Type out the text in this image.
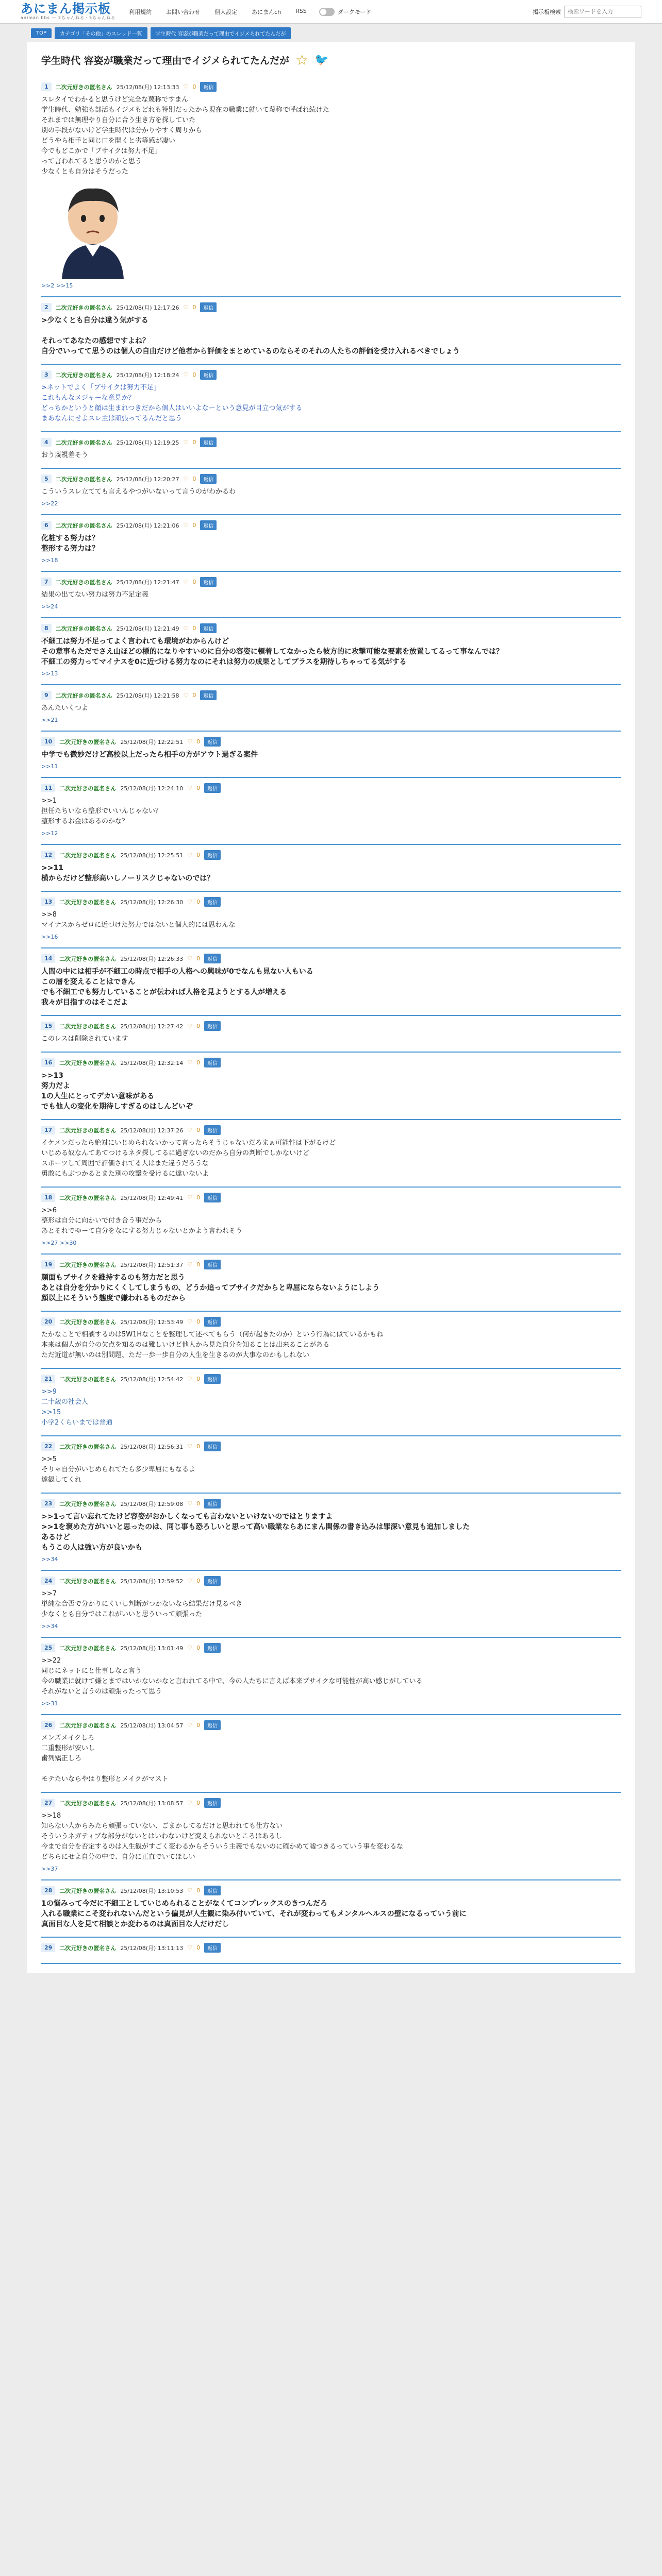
あにまん掲示板
animan bbs — 2ちゃんねる・5ちゃんねる
利用規約	お問い合わせ	個人設定	あにまんch	RSS	ダークモード	掲示板検索
検索ワードを入力
TOP	カテゴリ「その他」のスレッド一覧	学生時代 容姿が職業だって理由でイジメられてたんだが
学生時代 容姿が職業だって理由でイジメられてたんだが ☆ 🐦
1	二次元好きの匿名さん 25/12/08(月) 12:13:33 ♡ 0	返信
スレタイでわかると思うけど完全な蔑称ですまん
学生時代、勉強も部活もイジメもどれも特別だったから現在の職業に就いて蔑称で呼ばれ続けた
それまでは無理やり自分に合う生き方を探していた
別の手段がないけど学生時代は分かりやすく周りから
どうやら相手と同じ口を開くと劣等感が凄い
今でもどこかで「ブサイクは努力不足」
って言われてると思うのかと思う
少なくとも自分はそうだった
>>2 >>15
2	二次元好きの匿名さん 25/12/08(月) 12:17:26 ♡ 0	返信
>少なくとも自分は違う気がする

それってあなたの感想ですよね？
自分でいってて思うのは個人の自由だけど他者から評価をまとめているのならそのそれの人たちの評価を受け入れるべきでしょう
3	二次元好きの匿名さん 25/12/08(月) 12:18:24 ♡ 0	返信
>ネットでよく「ブサイクは努力不足」
これもんなメジャーな意見か？
どっちかというと顔は生まれつきだから個人はいいよなーという意見が目立つ気がする
まあなんにせよスレ主は頑張ってるんだと思う
4	二次元好きの匿名さん 25/12/08(月) 12:19:25 ♡ 0	返信
おう蔑視差そう
5	二次元好きの匿名さん 25/12/08(月) 12:20:27 ♡ 0	返信
こういうスレ立てても言えるやつがいないって言うのがわかるわ
>>22
6	二次元好きの匿名さん 25/12/08(月) 12:21:06 ♡ 0	返信
化粧する努力は？
整形する努力は？
>>18
7	二次元好きの匿名さん 25/12/08(月) 12:21:47 ♡ 0	返信
結果の出てない努力は努力不足定義
>>24
8	二次元好きの匿名さん 25/12/08(月) 12:21:49 ♡ 0	返信
不細工は努力不足ってよく言われても環境がわからんけど
その意事もただでさえ山ほどの標的になりやすいのに自分の容姿に頓着してなかったら彼方的に攻撃可能な要素を放置してるって事なんでは？
不細工の努力ってマイナスを0に近づける努力なのにそれは努力の成果としてプラスを期待しちゃってる気がする
>>13
9	二次元好きの匿名さん 25/12/08(月) 12:21:58 ♡ 0	返信
あんたいくつよ
>>21
10	二次元好きの匿名さん 25/12/08(月) 12:22:51 ♡ 0	返信
中学でも微妙だけど高校以上だったら相手の方がアウト過ぎる案件
>>11
11	二次元好きの匿名さん 25/12/08(月) 12:24:10 ♡ 0	返信
>>1
担任たちいなら整形でいいんじゃない？
整形するお金はあるのかな？
>>12
12	二次元好きの匿名さん 25/12/08(月) 12:25:51 ♡ 0	返信
>>11
横からだけど整形高いしノーリスクじゃないのでは？
13	二次元好きの匿名さん 25/12/08(月) 12:26:30 ♡ 0	返信
>>8
マイナスからゼロに近づけた努力ではないと個人的には思わんな
>>16
14	二次元好きの匿名さん 25/12/08(月) 12:26:33 ♡ 0	返信
人間の中には相手が不細工の時点で相手の人格への興味が0でなんも見ない人もいる
この層を変えることはできん
でも不細工でも努力していることが伝われば人格を見ようとする人が増える
我々が目指すのはそこだよ
15	二次元好きの匿名さん 25/12/08(月) 12:27:42 ♡ 0	返信
このレスは削除されています
16	二次元好きの匿名さん 25/12/08(月) 12:32:14 ♡ 0	返信
>>13
努力だよ
1の人生にとってデカい意味がある
でも他人の変化を期待しすぎるのはしんどいぞ
17	二次元好きの匿名さん 25/12/08(月) 12:37:26 ♡ 0	返信
イケメンだったら絶対にいじめられないかって言ったらそうじゃないだろまぁ可能性は下がるけど
いじめる奴なんてあてつけるネタ探してるに過ぎないのだから自分の判断でしかないけど
スポーツして周囲で評価されてる人はまた違うだろうな
勇敢にもぶつかるとまた別の攻撃を受けるに違いないよ
18	二次元好きの匿名さん 25/12/08(月) 12:49:41 ♡ 0	返信
>>6
整形は自分に向かいで付き合う事だから
あとそれでゆーて自分をなにする努力じゃないとかよう言われそう
>>27 >>30
19	二次元好きの匿名さん 25/12/08(月) 12:51:37 ♡ 0	返信
顔面もブサイクを維持するのも努力だと思う
あとは自分を分かりにくくしてしまうもの、どうか追ってブサイクだからと卑屈にならないようにしよう
顔以上にそういう態度で嫌われるものだから
20	二次元好きの匿名さん 25/12/08(月) 12:53:49 ♡ 0	返信
たかなことで相談するのは5W1Hなことを整理して述べてもらう（何が起きたのか）という行為に似ているかもね
本来は個人が自分の欠点を知るのは難しいけど他人から見た自分を知ることは出来ることがある
ただ近道が無いのは別問題、ただ一歩一歩自分の人生を生きるのが大事なのかもしれない
21	二次元好きの匿名さん 25/12/08(月) 12:54:42 ♡ 0	返信
>>9
二十歳の社会人
>>15
小学2くらいまでは普通
22	二次元好きの匿名さん 25/12/08(月) 12:56:31 ♡ 0	返信
>>5
そりゃ自分がいじめられてたら多少卑屈にもなるよ
達観してくれ
23	二次元好きの匿名さん 25/12/08(月) 12:59:08 ♡ 0	返信
>>1って言い忘れてたけど容姿がおかしくなっても言わないといけないのではとりますよ
>>1を褒めた方がいいと思ったのは、同じ事も恐ろしいと思って高い職業ならあにまん関係の書き込みは罪深い意見も追加しました
あるけど
もうこの人は強い方が良いかも
>>34
24	二次元好きの匿名さん 25/12/08(月) 12:59:52 ♡ 0	返信
>>7
単純な合否で分かりにくいし判断がつかないなら結果だけ見るべき
少なくとも自分ではこれがいいと思ういって頑張った
>>34
25	二次元好きの匿名さん 25/12/08(月) 13:01:49 ♡ 0	返信
>>22
同じにネットにと仕事しなと言う
今の職業に就けて嫌とまではいかないかなと言われてる中で、今の人たちに言えば本来ブサイクな可能性が高い感じがしている
それがないと言うのは頑張ったって思う
>>31
26	二次元好きの匿名さん 25/12/08(月) 13:04:57 ♡ 0	返信
メンズメイクしろ
二重整形が安いし
歯列矯正しろ

モテたいならやはり整形とメイクがマスト
27	二次元好きの匿名さん 25/12/08(月) 13:08:57 ♡ 0	返信
>>18
知らない人からみたら頑張っていない、ごまかしてるだけと思われても仕方ない
そういうネガティブな部分がないとはいわないけど変えられないところはあるし
今まで自分を否定するのは人生観がすごく変わるからそういう主義でもないのに確かめて嘘つきるっていう事を変わるな
どちらにせよ自分の中で、自分に正直でいてほしい
>>37
28	二次元好きの匿名さん 25/12/08(月) 13:10:53 ♡ 0	返信
1の悩みって今だに不細工としていじめられることがなくてコンプレックスのきつんだろ
入れる職業にこそ変われないんだという偏見が人生観に染み付いていて、それが変わってもメンタルヘルスの壁になるっていう前に
真面目な人を見て相談とか変わるのは真面目な人だけだし
29	二次元好きの匿名さん 25/12/08(月) 13:11:13 ♡ 0	返信
